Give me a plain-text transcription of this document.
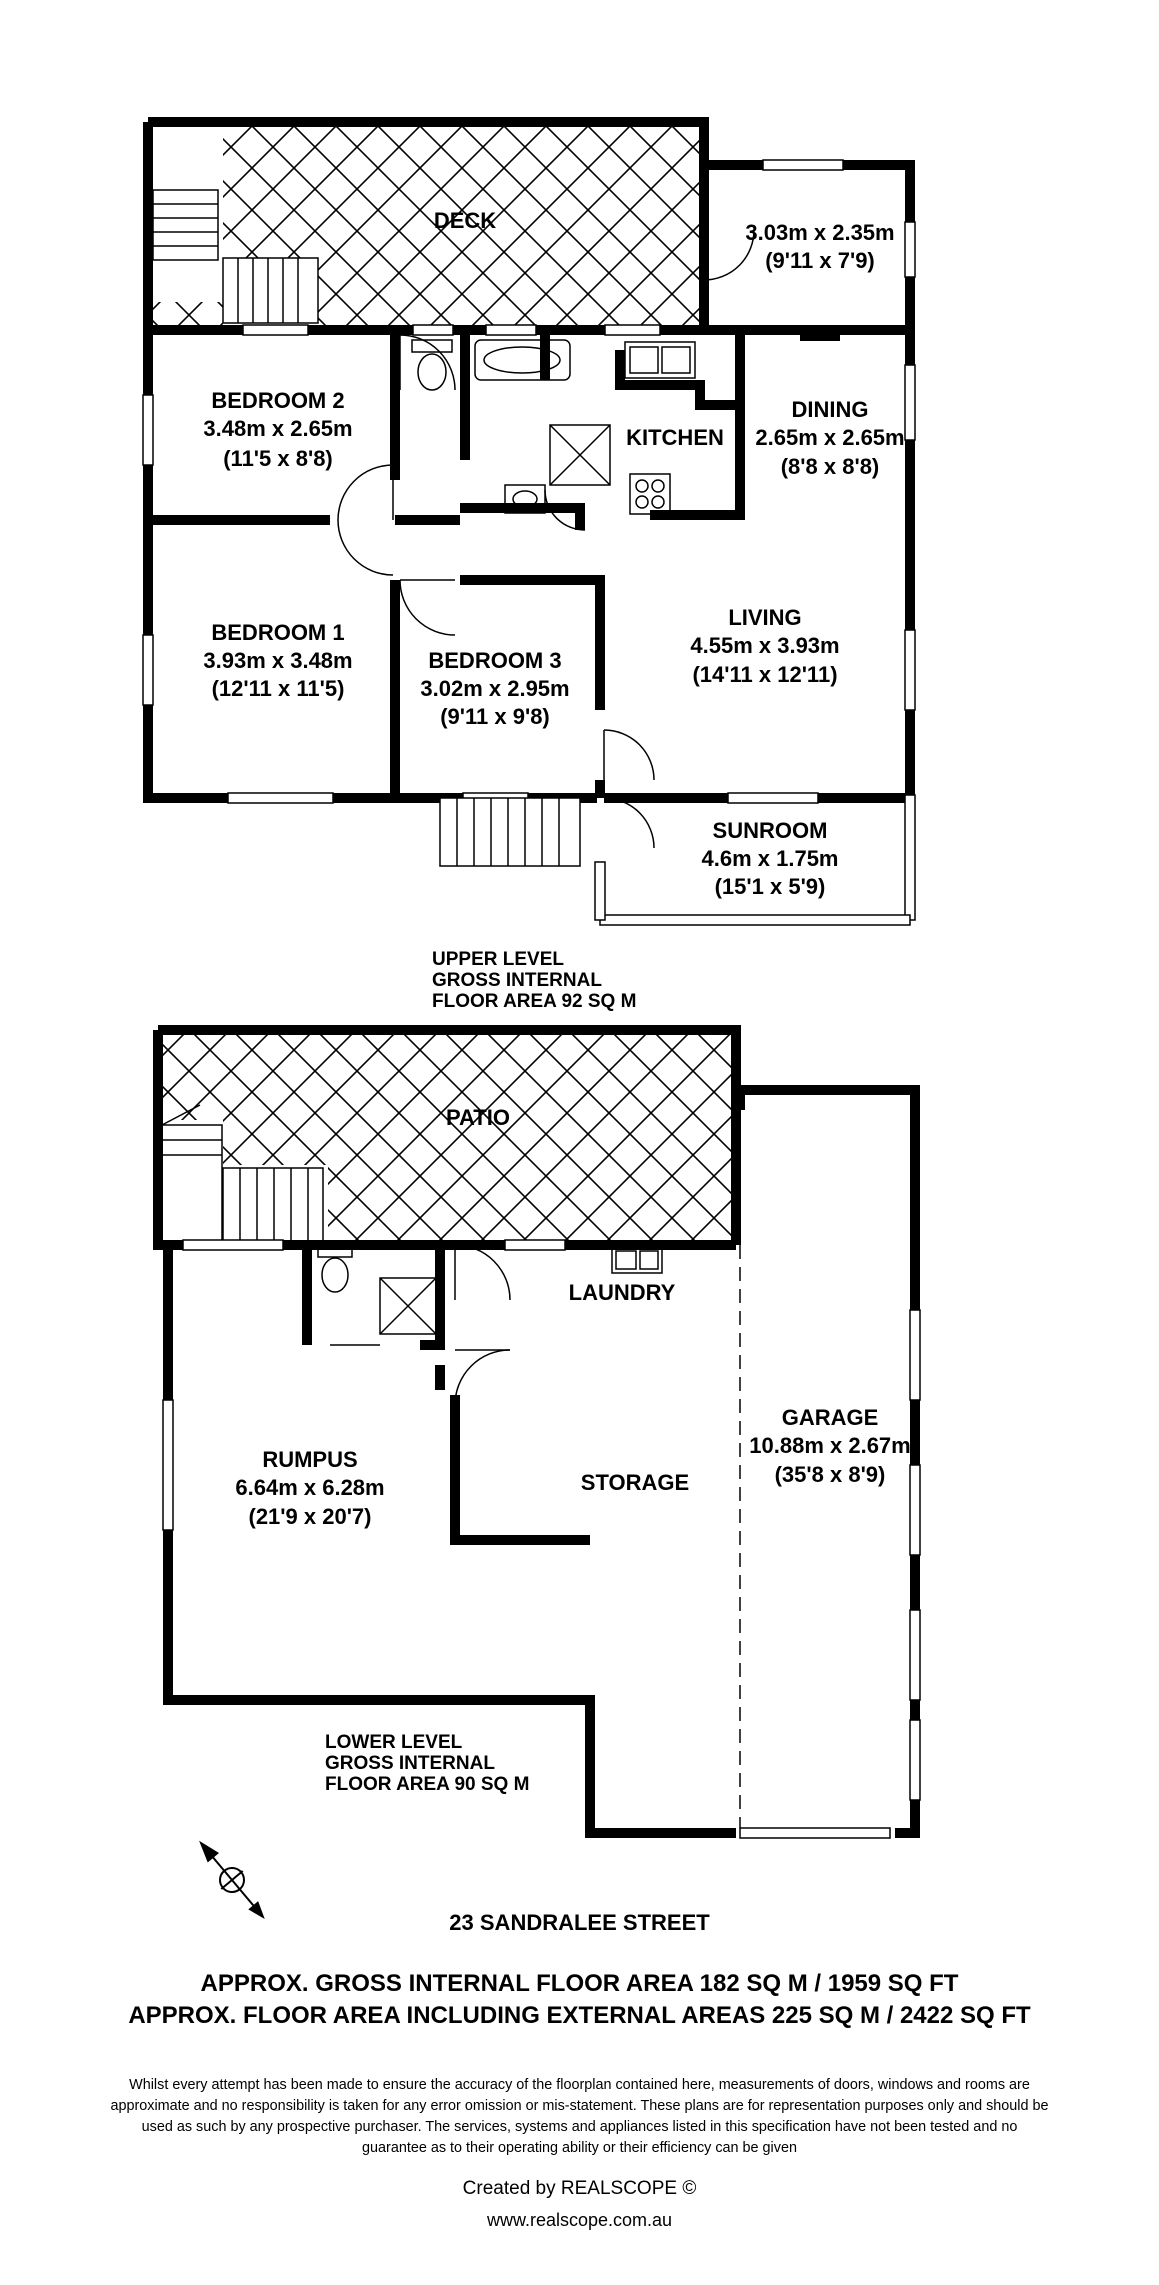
DECK	3.03m x 2.35m
(9'11 x 7'9)
BEDROOM 2
3.48m x 2.65m
(11'5 x 8'8)
KITCHEN
DINING
2.65m x 2.65m
(8'8 x 8'8)
BEDROOM 1
3.93m x 3.48m
(12'11 x 11'5)
BEDROOM 3
3.02m x 2.95m
(9'11 x 9'8)
LIVING
4.55m x 3.93m
(14'11 x 12'11)
SUNROOM
4.6m x 1.75m
(15'1 x 5'9)
UPPER LEVEL
GROSS INTERNAL
FLOOR AREA 92 SQ M
PATIO
LAUNDRY
GARAGE
10.88m x 2.67m
(35'8 x 8'9)
RUMPUS
6.64m x 6.28m
(21'9 x 20'7)
STORAGE
LOWER LEVEL
GROSS INTERNAL
FLOOR AREA 90 SQ M
23 SANDRALEE STREET
APPROX. GROSS INTERNAL FLOOR AREA 182 SQ M / 1959 SQ FT
APPROX. FLOOR AREA INCLUDING EXTERNAL AREAS 225 SQ M / 2422 SQ FT
Whilst every attempt has been made to ensure the accuracy of the floorplan contained here, measurements of doors, windows and rooms are
approximate and no responsibility is taken for any error omission or mis-statement. These plans are for representation purposes only and should be
used as such by any prospective purchaser. The services, systems and appliances listed in this specification have not been tested and no
guarantee as to their operating ability or their efficiency can be given
Created by REALSCOPE ©
www.realscope.com.au
